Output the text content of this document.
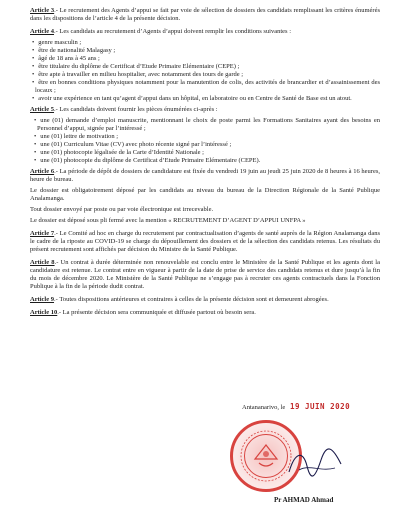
Article 3.- Le recrutement des Agents d’appui se fait par voie de sélection de dossiers des candidats remplissant les critères énumérés dans les dispositions de l’article 4 de la présente décision.

Article 4.- Les candidats au recrutement d’Agents d’appui doivent remplir les conditions suivantes :

• genre masculin ;
• être de nationalité Malagasy ;
• âgé de 18 ans à 45 ans ;
• être titulaire du diplôme de Certificat d’Etude Primaire Elémentaire (CEPE) ;
• être apte à travailler en milieu hospitalier, avec notamment des tours de garde ;
• être en bonnes conditions physiques notamment pour la manutention de colis, des activités de brancardier et d’assainissement des locaux ;
• avoir une expérience en tant qu’agent d’appui dans un hôpital, en laboratoire ou en Centre de Santé de Base est un atout.

Article 5.- Les candidats doivent fournir les pièces énumérées ci-après :

• une (01) demande d’emploi manuscrite, mentionnant le choix de poste parmi les Formations Sanitaires ayant des besoins en Personnel d’appui, signée par l’intéressé ;
• une (01) lettre de motivation ;
• une (01) Curriculum Vitae (CV) avec photo récente signé par l’intéressé ;
• une (01) photocopie légalisée de la Carte d’Identité Nationale ;
• une (01) photocopie du diplôme de Certificat d’Etude Primaire Elémentaire (CEPE).

Article 6.- La période de dépôt de dossiers de candidature est fixée du vendredi 19 juin au jeudi 25 juin 2020 de 8 heures à 16 heures, heure de bureau.

Le dossier est obligatoirement déposé par les candidats au niveau du bureau de la Direction Régionale de la Santé Publique Analamanga.

Tout dossier envoyé par poste ou par voie électronique est irrecevable.

Le dossier est déposé sous pli fermé avec la mention « RECRUTEMENT D’AGENT D’APPUI UNFPA »

Article 7.- Le Comité ad hoc en charge du recrutement par contractualisation d’agents de santé auprès de la Région Analamanga dans le cadre de la riposte au COVID-19 se charge du dépouillement des dossiers et de la sélection des candidats retenus. Les résultats du présent recrutement sont affichés par décision du Ministre de la Santé Publique.

Article 8.- Un contrat à durée déterminée non renouvelable est conclu entre le Ministère de la Santé Publique et les agents dont la candidature est retenue. Le contrat entre en vigueur à partir de la date de prise de service des candidats retenus et dure jusqu’à la fin du mois de décembre 2020. Le Ministère de la Santé Publique ne s’engage pas à recruter ces agents contractuels dans la Fonction Publique à la fin de la période dudit contrat.

Article 9.- Toutes dispositions antérieures et contraires à celles de la présente décision sont et demeurent abrogées.

Article 10.- La présente décision sera communiquée et diffusée partout où besoin sera.

Antananarivo, le 19 JUIN 2020
Pr AHMAD Ahmad
